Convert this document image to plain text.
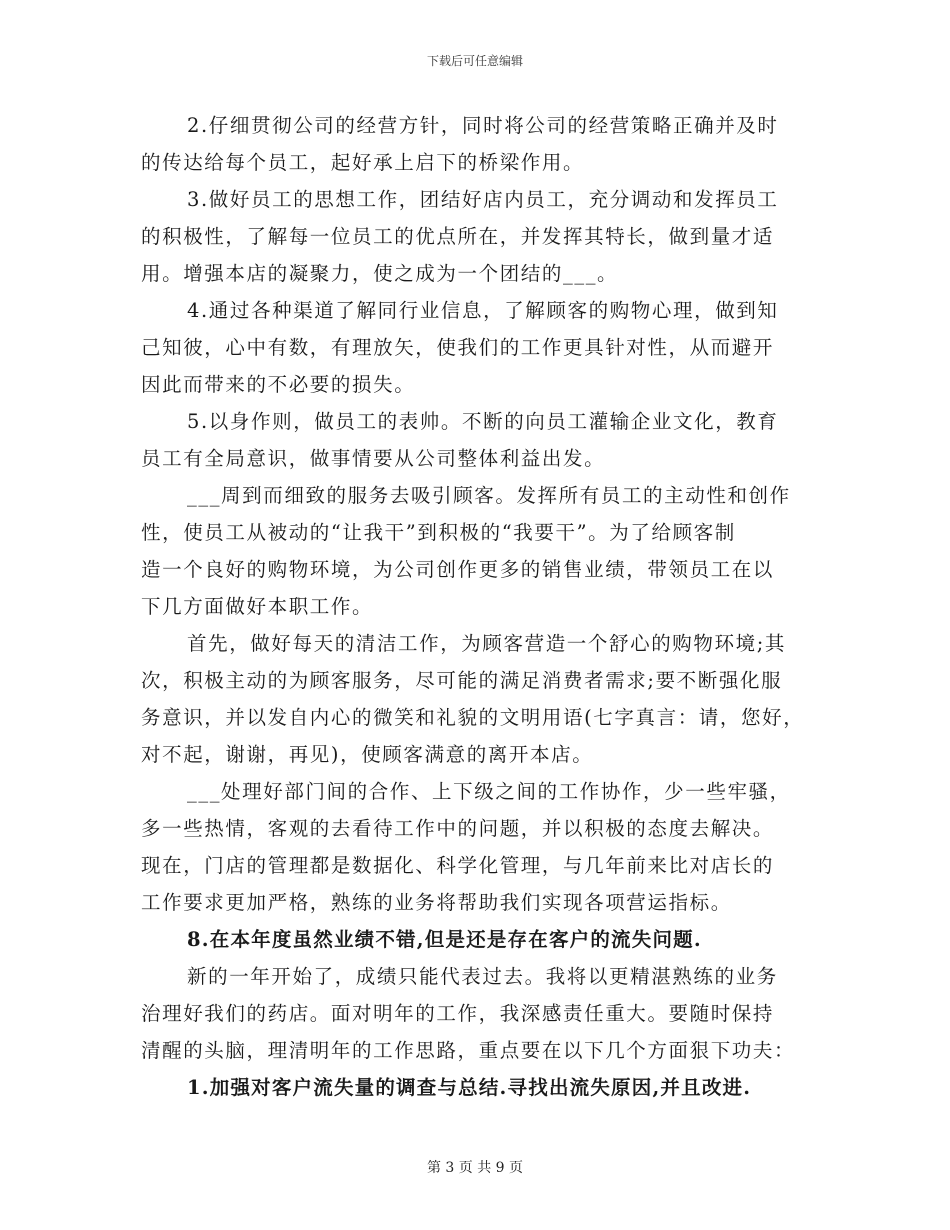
下载后可任意编辑
2.仔细贯彻公司的经营方针，同时将公司的经营策略正确并及时
的传达给每个员工，起好承上启下的桥梁作用。
3.做好员工的思想工作，团结好店内员工，充分调动和发挥员工
的积极性，了解每一位员工的优点所在，并发挥其特长，做到量才适
用。增强本店的凝聚力，使之成为一个团结的___。
4.通过各种渠道了解同行业信息，了解顾客的购物心理，做到知
己知彼，心中有数，有理放矢，使我们的工作更具针对性，从而避开
因此而带来的不必要的损失。
5.以身作则，做员工的表帅。不断的向员工灌输企业文化，教育
员工有全局意识，做事情要从公司整体利益出发。
___周到而细致的服务去吸引顾客。发挥所有员工的主动性和创作
性，使员工从被动的“让我干”到积极的“我要干”。为了给顾客制
造一个良好的购物环境，为公司创作更多的销售业绩，带领员工在以
下几方面做好本职工作。
首先，做好每天的清洁工作，为顾客营造一个舒心的购物环境;其
次，积极主动的为顾客服务，尽可能的满足消费者需求;要不断强化服
务意识，并以发自内心的微笑和礼貌的文明用语(七字真言：请，您好，
对不起，谢谢，再见)，使顾客满意的离开本店。
___处理好部门间的合作、上下级之间的工作协作，少一些牢骚，
多一些热情，客观的去看待工作中的问题，并以积极的态度去解决。
现在，门店的管理都是数据化、科学化管理，与几年前来比对店长的
工作要求更加严格，熟练的业务将帮助我们实现各项营运指标。
8.在本年度虽然业绩不错,但是还是存在客户的流失问题.
新的一年开始了，成绩只能代表过去。我将以更精湛熟练的业务
治理好我们的药店。面对明年的工作，我深感责任重大。要随时保持
清醒的头脑，理清明年的工作思路，重点要在以下几个方面狠下功夫：
1.加强对客户流失量的调查与总结.寻找出流失原因,并且改进.
第 3 页 共 9 页
